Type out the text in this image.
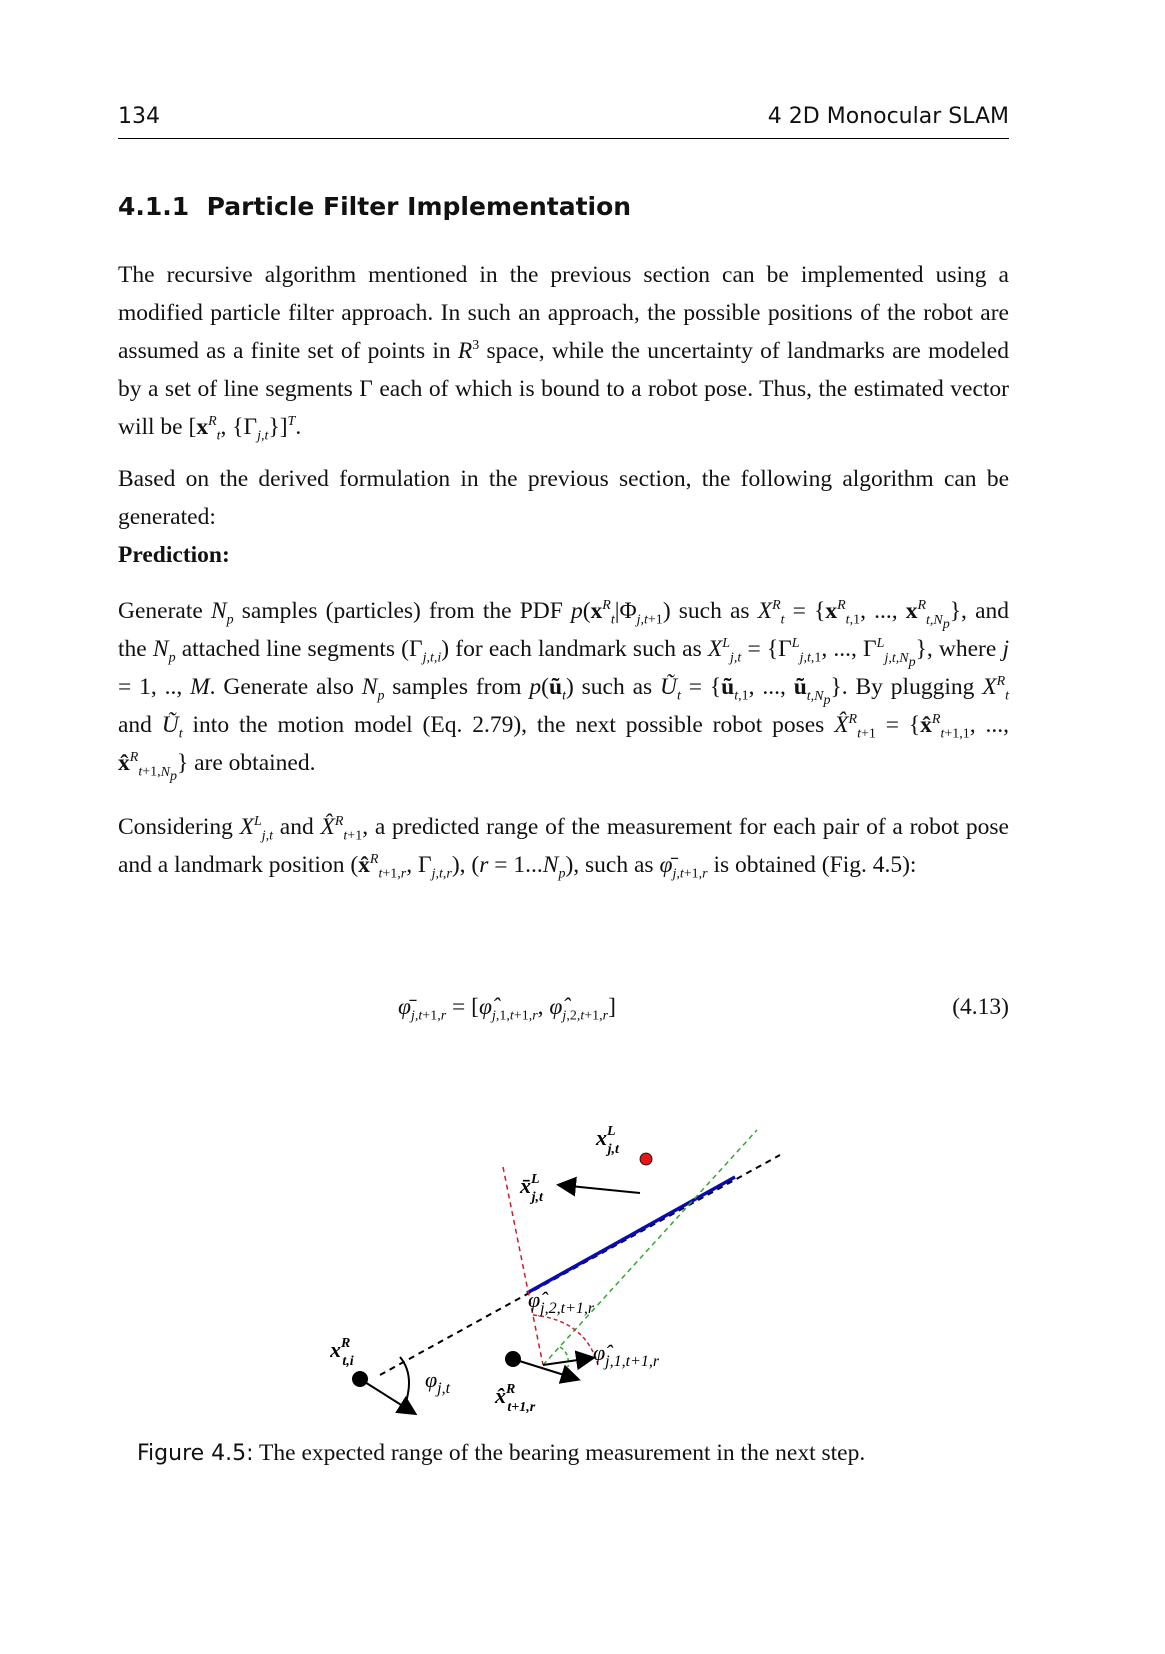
134	4 2D Monocular SLAM
4.1.1 Particle Filter Implementation
The recursive algorithm mentioned in the previous section can be implemented using a modified particle filter approach. In such an approach, the possible positions of the robot are assumed as a finite set of points in $R^3$ space, while the uncertainty of landmarks are modeled by a set of line segments Γ each of which is bound to a robot pose. Thus, the estimated vector will be [$x^R_t$, $\{\Gamma_{j,t}\}]^T$.
Based on the derived formulation in the previous section, the following algorithm can be generated:
Prediction:
Generate $N_p$ samples (particles) from the PDF $p(x^R_t|\Phi_{j,t+1})$ such as $X^R_t = \{x^R_{t,1}$, ..., $x^R_{t,N_p}$}, and the $N_p$ attached line segments $(\Gamma_{j,t,i})$ for each landmark such as $X^L_{j,t} = \{\Gamma^L_{j,t,1}$, ..., $\Gamma^L_{j,t,N_p}$}, where j = 1, .., M. Generate also $N_p$ samples from $p(ũ_t)$ such as $Ũ_t$ = {$ũ_{t,1}$, ..., $ũ_{t,N_p}$}. By plugging $X^R_t$ and $Ũ_t$ into the motion model (Eq. 2.79), the next possible robot poses X̂$^R_{t+1}$ = {x̂$^R_{t+1,1}$, ..., x̂$^R_{t+1,N_p}$} are obtained.
Considering $X^L_{j,t}$ and X̂$^R_{t+1}$, a predicted range of the measurement for each pair of a robot pose and a landmark position (x̂$^R_{t+1,r}$, $\Gamma_{j,t,r}$), $(r = 1...N_p)$, such as $\varphī_{j,t+1,r}$ is obtained (Fig. 4.5):
$\varphī_{j,t+1,r}$ = [$\varphî_{j,1,t+1,r}$, $\varphî_{j,2,t+1,r}$]	(4.13)
$x^L$ j,t
x̄$^L$ j,t
$\varphî_{j,2,t+1,r}$
$\varphî_{j,1,t+1,r}$
$x^R$ t,i
$\varphi_{j,t}$ x̂$^R$ t+1,r
Figure 4.5: The expected range of the bearing measurement in the next step.
